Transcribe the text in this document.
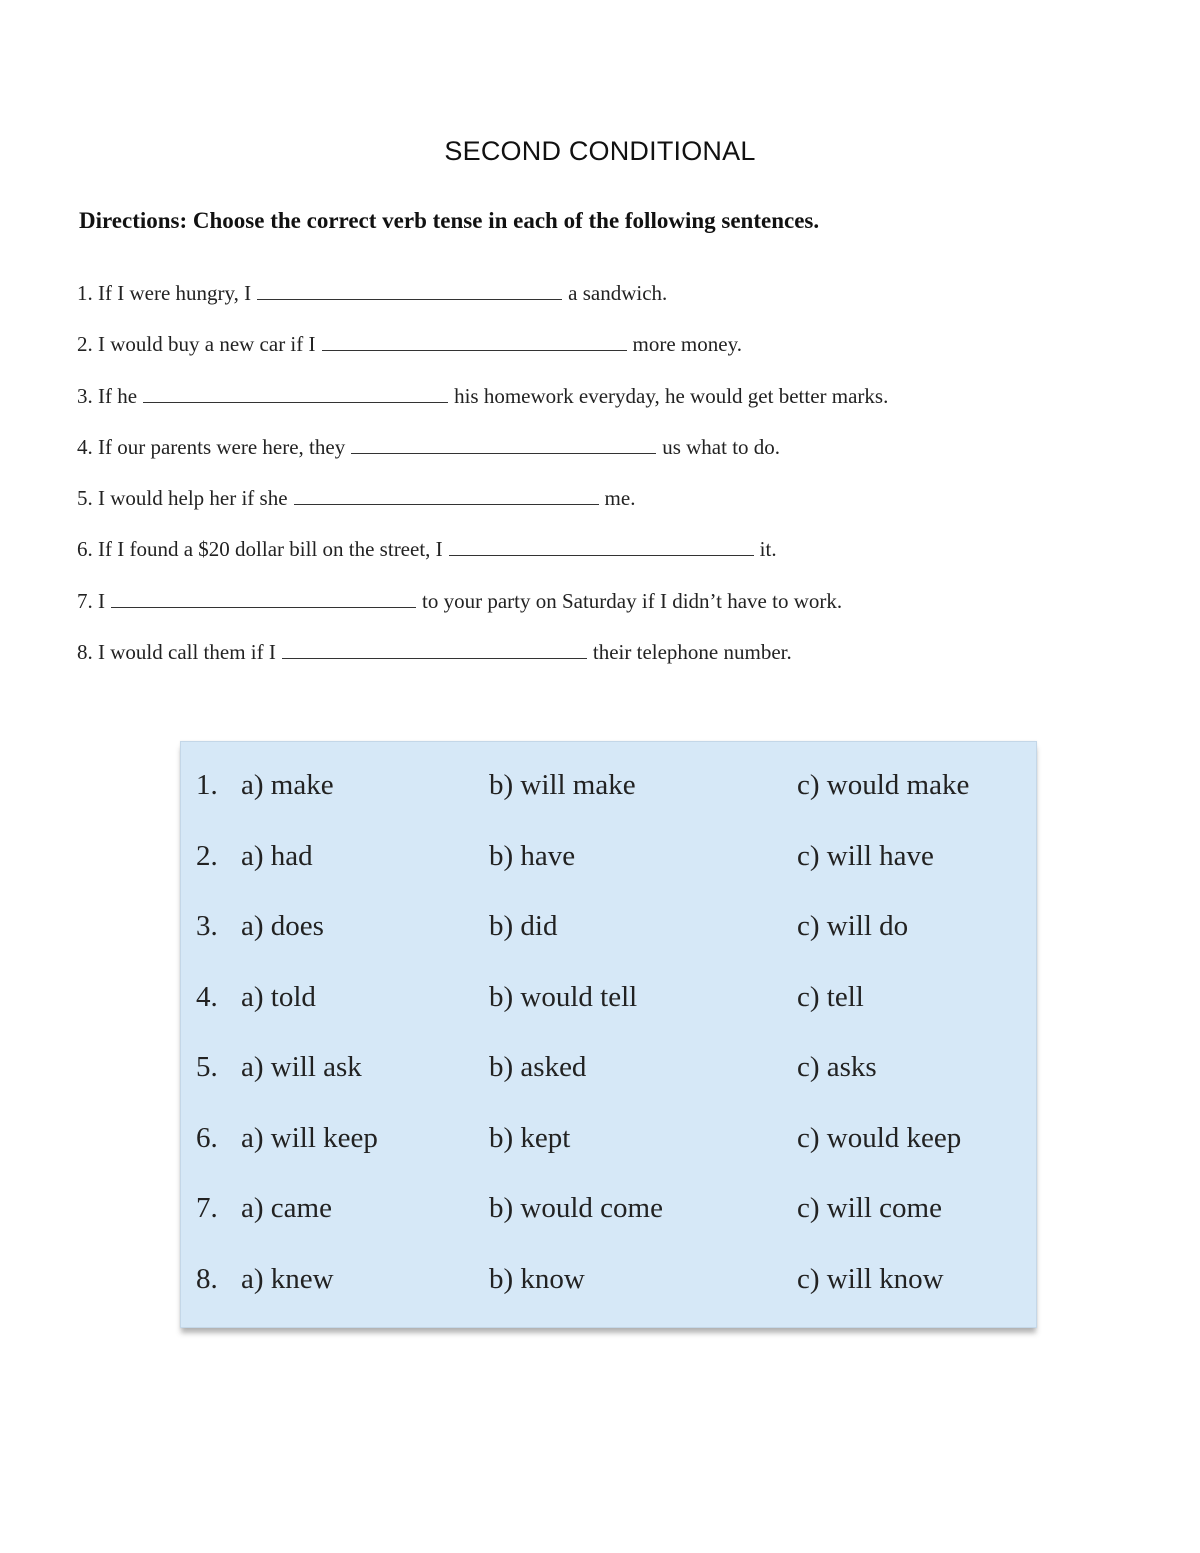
SECOND CONDITIONAL
Directions: Choose the correct verb tense in each of the following sentences.
1. If I were hungry, I	a sandwich.
2. I would buy a new car if I	more money.
3. If he	his homework everyday, he would get better marks.
4. If our parents were here, they	us what to do.
5. I would help her if she	me.
6. If I found a $20 dollar bill on the street, I	it.
7. I	to your party on Saturday if I didn’t have to work.
8. I would call them if I	their telephone number.
1. a) make	b) will make	c) would make
2. a) had	b) have	c) will have
3. a) does	b) did	c) will do
4. a) told	b) would tell	c) tell
5. a) will ask	b) asked	c) asks
6. a) will keep	b) kept	c) would keep
7. a) came	b) would come	c) will come
8. a) knew	b) know	c) will know
